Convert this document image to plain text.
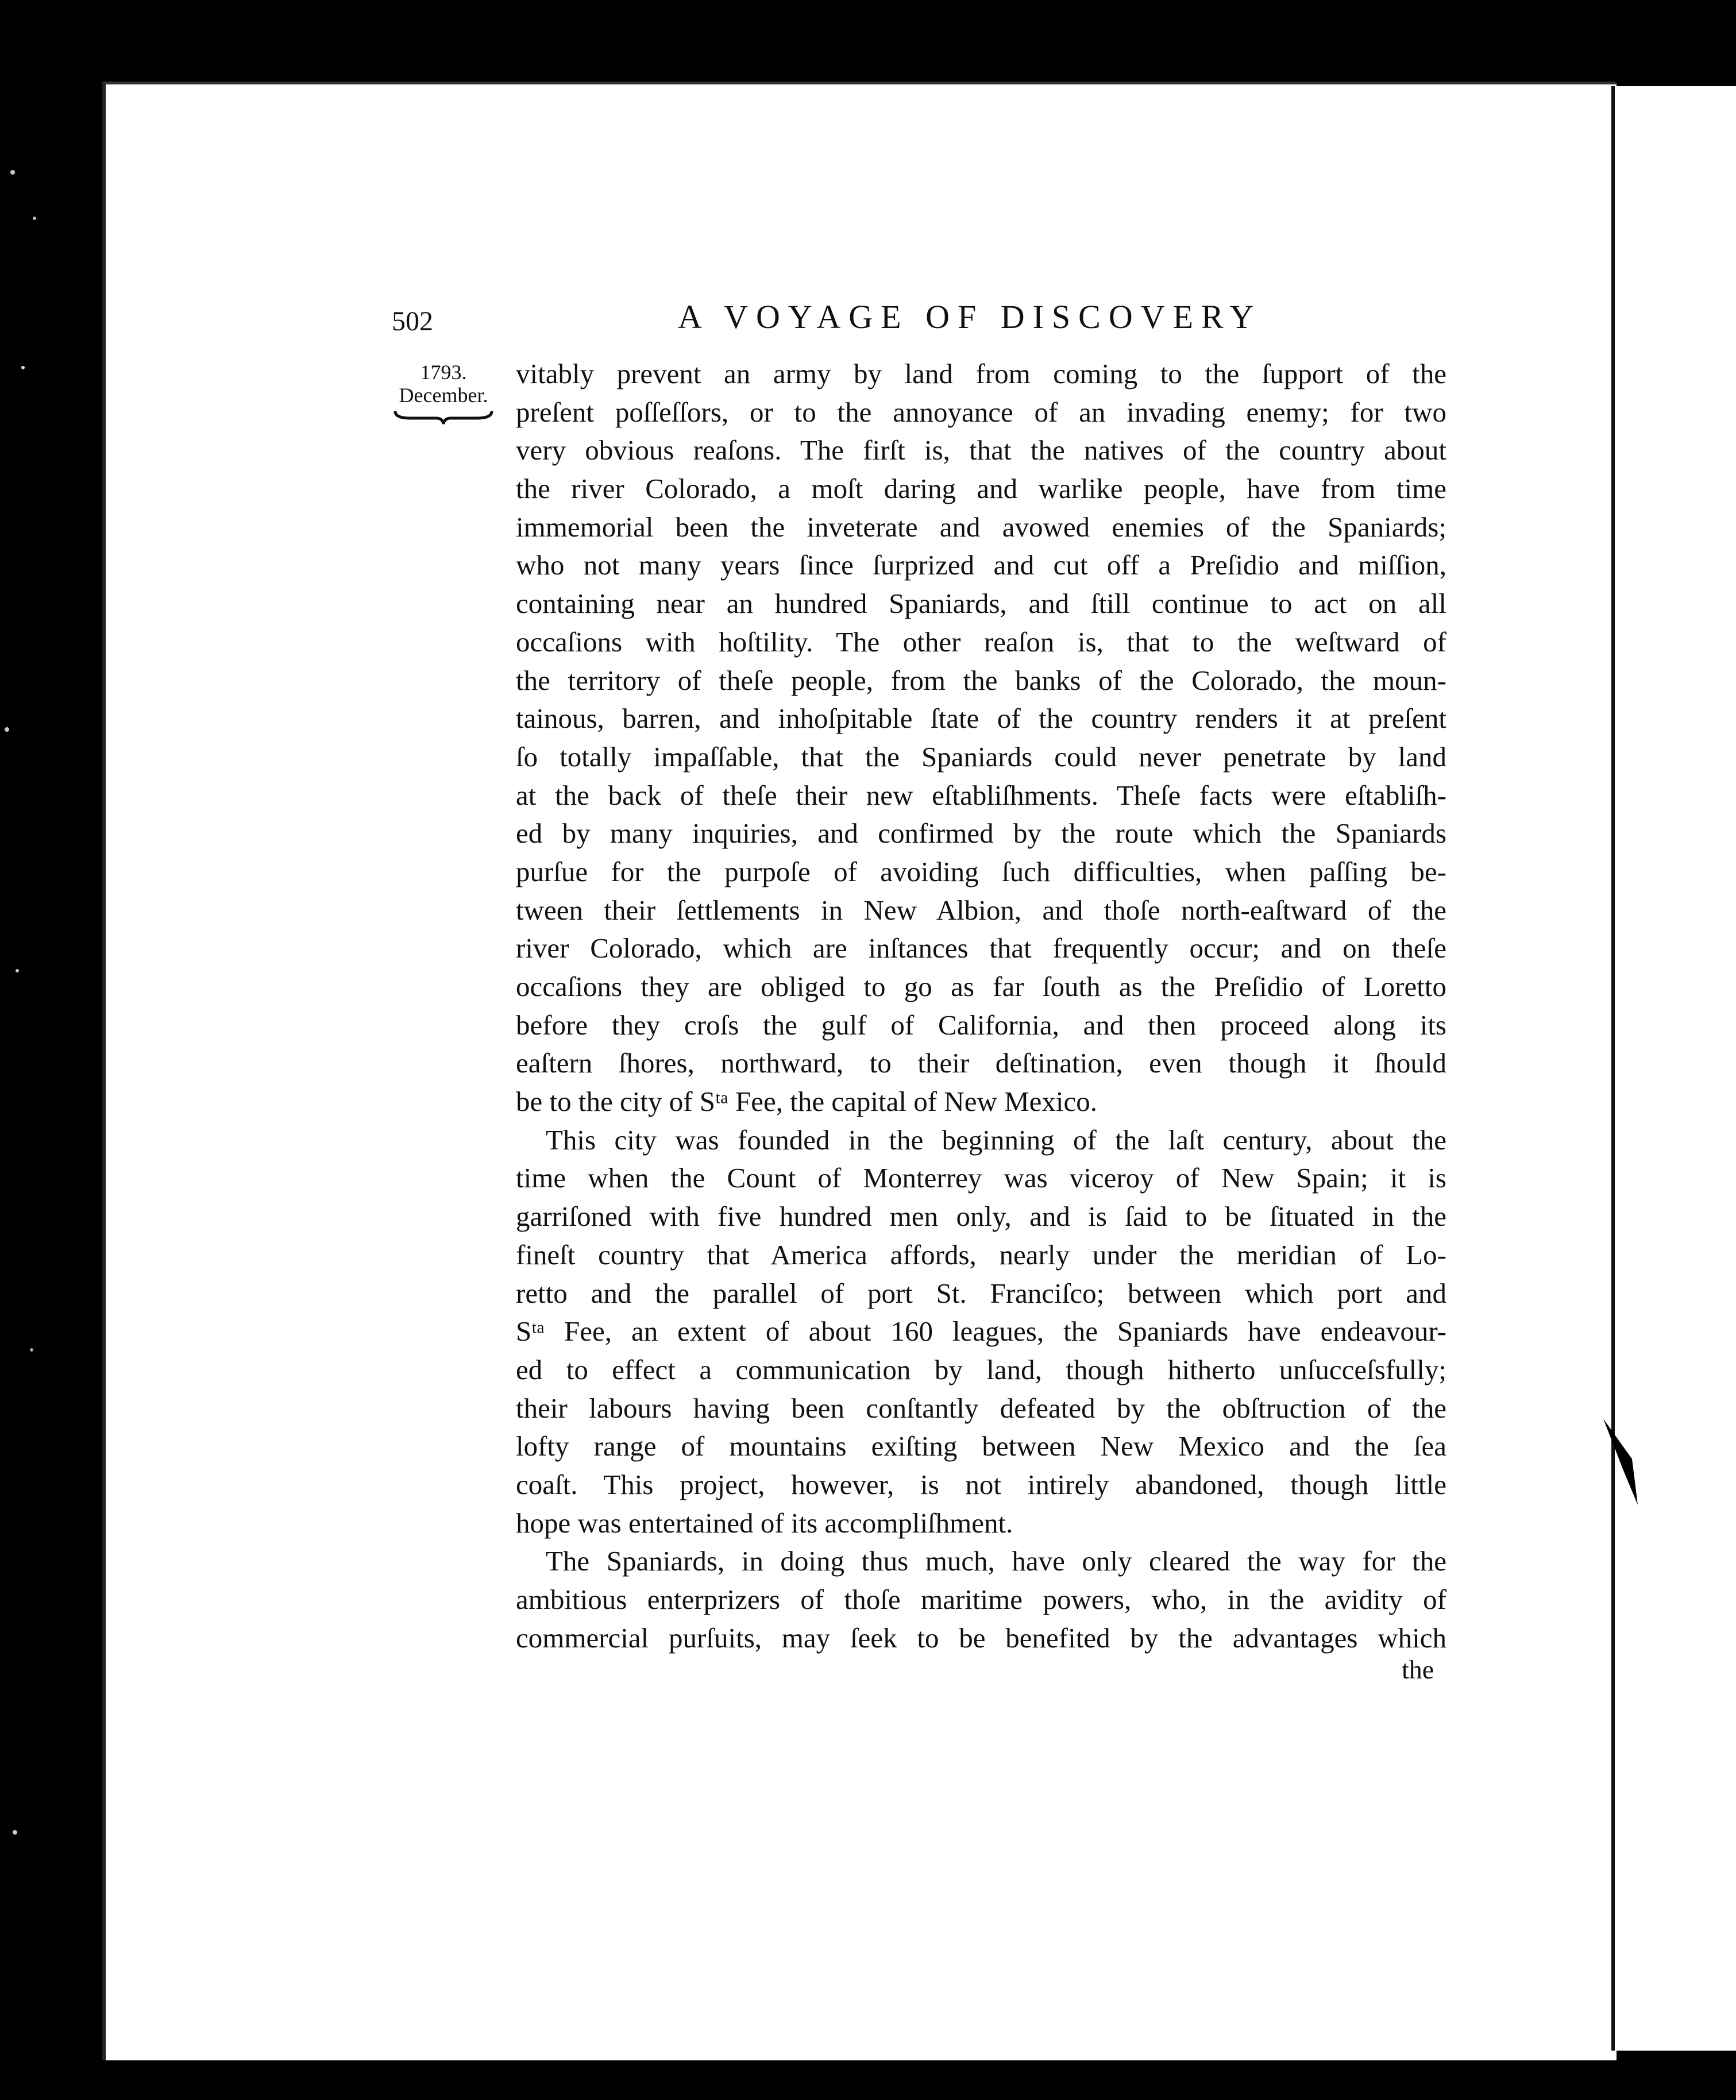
502	A VOYAGE OF DISCOVERY
1793.
December.
vitably prevent an army by land from coming to the ſupport of the
preſent poſſeſſors, or to the annoyance of an invading enemy; for two
very obvious reaſons. The firſt is, that the natives of the country about
the river Colorado, a moſt daring and warlike people, have from time
immemorial been the inveterate and avowed enemies of the Spaniards;
who not many years ſince ſurprized and cut off a Preſidio and miſſion,
containing near an hundred Spaniards, and ſtill continue to act on all
occaſions with hoſtility. The other reaſon is, that to the weſtward of
the territory of theſe people, from the banks of the Colorado, the moun-
tainous, barren, and inhoſpitable ſtate of the country renders it at preſent
ſo totally impaſſable, that the Spaniards could never penetrate by land
at the back of theſe their new eſtabliſhments. Theſe facts were eſtabliſh-
ed by many inquiries, and confirmed by the route which the Spaniards
purſue for the purpoſe of avoiding ſuch difficulties, when paſſing be-
tween their ſettlements in New Albion, and thoſe north-eaſtward of the
river Colorado, which are inſtances that frequently occur; and on theſe
occaſions they are obliged to go as far ſouth as the Preſidio of Loretto
before they croſs the gulf of California, and then proceed along its
eaſtern ſhores, northward, to their deſtination, even though it ſhould
be to the city of Sᵗᵃ Fee, the capital of New Mexico.
This city was founded in the beginning of the laſt century, about the
time when the Count of Monterrey was viceroy of New Spain; it is
garriſoned with five hundred men only, and is ſaid to be ſituated in the
fineſt country that America affords, nearly under the meridian of Lo-
retto and the parallel of port St. Franciſco; between which port and
Sᵗᵃ Fee, an extent of about 160 leagues, the Spaniards have endeavour-
ed to effect a communication by land, though hitherto unſucceſsfully;
their labours having been conſtantly defeated by the obſtruction of the
lofty range of mountains exiſting between New Mexico and the ſea
coaſt. This project, however, is not intirely abandoned, though little
hope was entertained of its accompliſhment.
The Spaniards, in doing thus much, have only cleared the way for the
ambitious enterprizers of thoſe maritime powers, who, in the avidity of
commercial purſuits, may ſeek to be benefited by the advantages which
the
